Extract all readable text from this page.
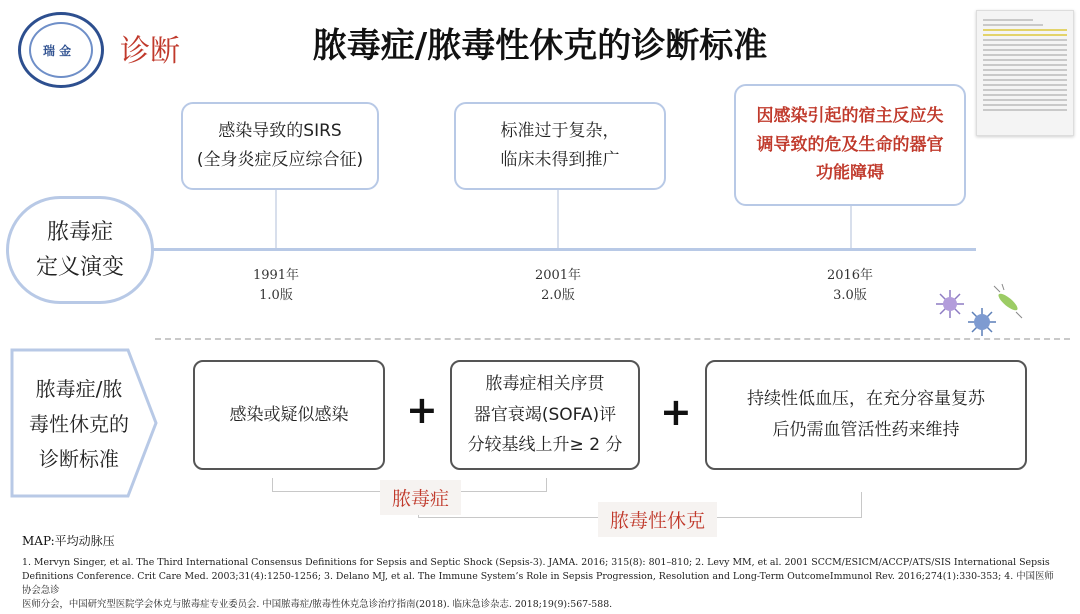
瑞 金 诊断	脓毒症/脓毒性休克的诊断标准
感染导致的SIRS
(全身炎症反应综合征)
标准过于复杂，
临床未得到推广
因感染引起的宿主反应失
调导致的危及生命的器官
功能障碍
脓毒症
定义演变	1991年
1.0版
2001年
2.0版
2016年
3.0版
脓毒症/脓
毒性休克的
诊断标准
感染或疑似感染 +
脓毒症相关序贯
器官衰竭(SOFA)评
分较基线上升≥ 2 分
+	持续性低血压，在充分容量复苏
后仍需血管活性药来维持
脓毒症
脓毒性休克
MAP:平均动脉压
1. Mervyn Singer, et al. The Third International Consensus Definitions for Sepsis and Septic Shock (Sepsis-3). JAMA. 2016; 315(8): 801–810; 2. Levy MM, et al. 2001 SCCM/ESICM/ACCP/ATS/SIS International Sepsis
Definitions Conference. Crit Care Med. 2003;31(4):1250-1256; 3. Delano MJ, et al. The Immune System’s Role in Sepsis Progression, Resolution and Long-Term OutcomeImmunol Rev. 2016;274(1):330-353; 4. 中国医师协会急诊
医师分会，中国研究型医院学会休克与脓毒症专业委员会. 中国脓毒症/脓毒性休克急诊治疗指南(2018). 临床急诊杂志. 2018;19(9):567-588.
